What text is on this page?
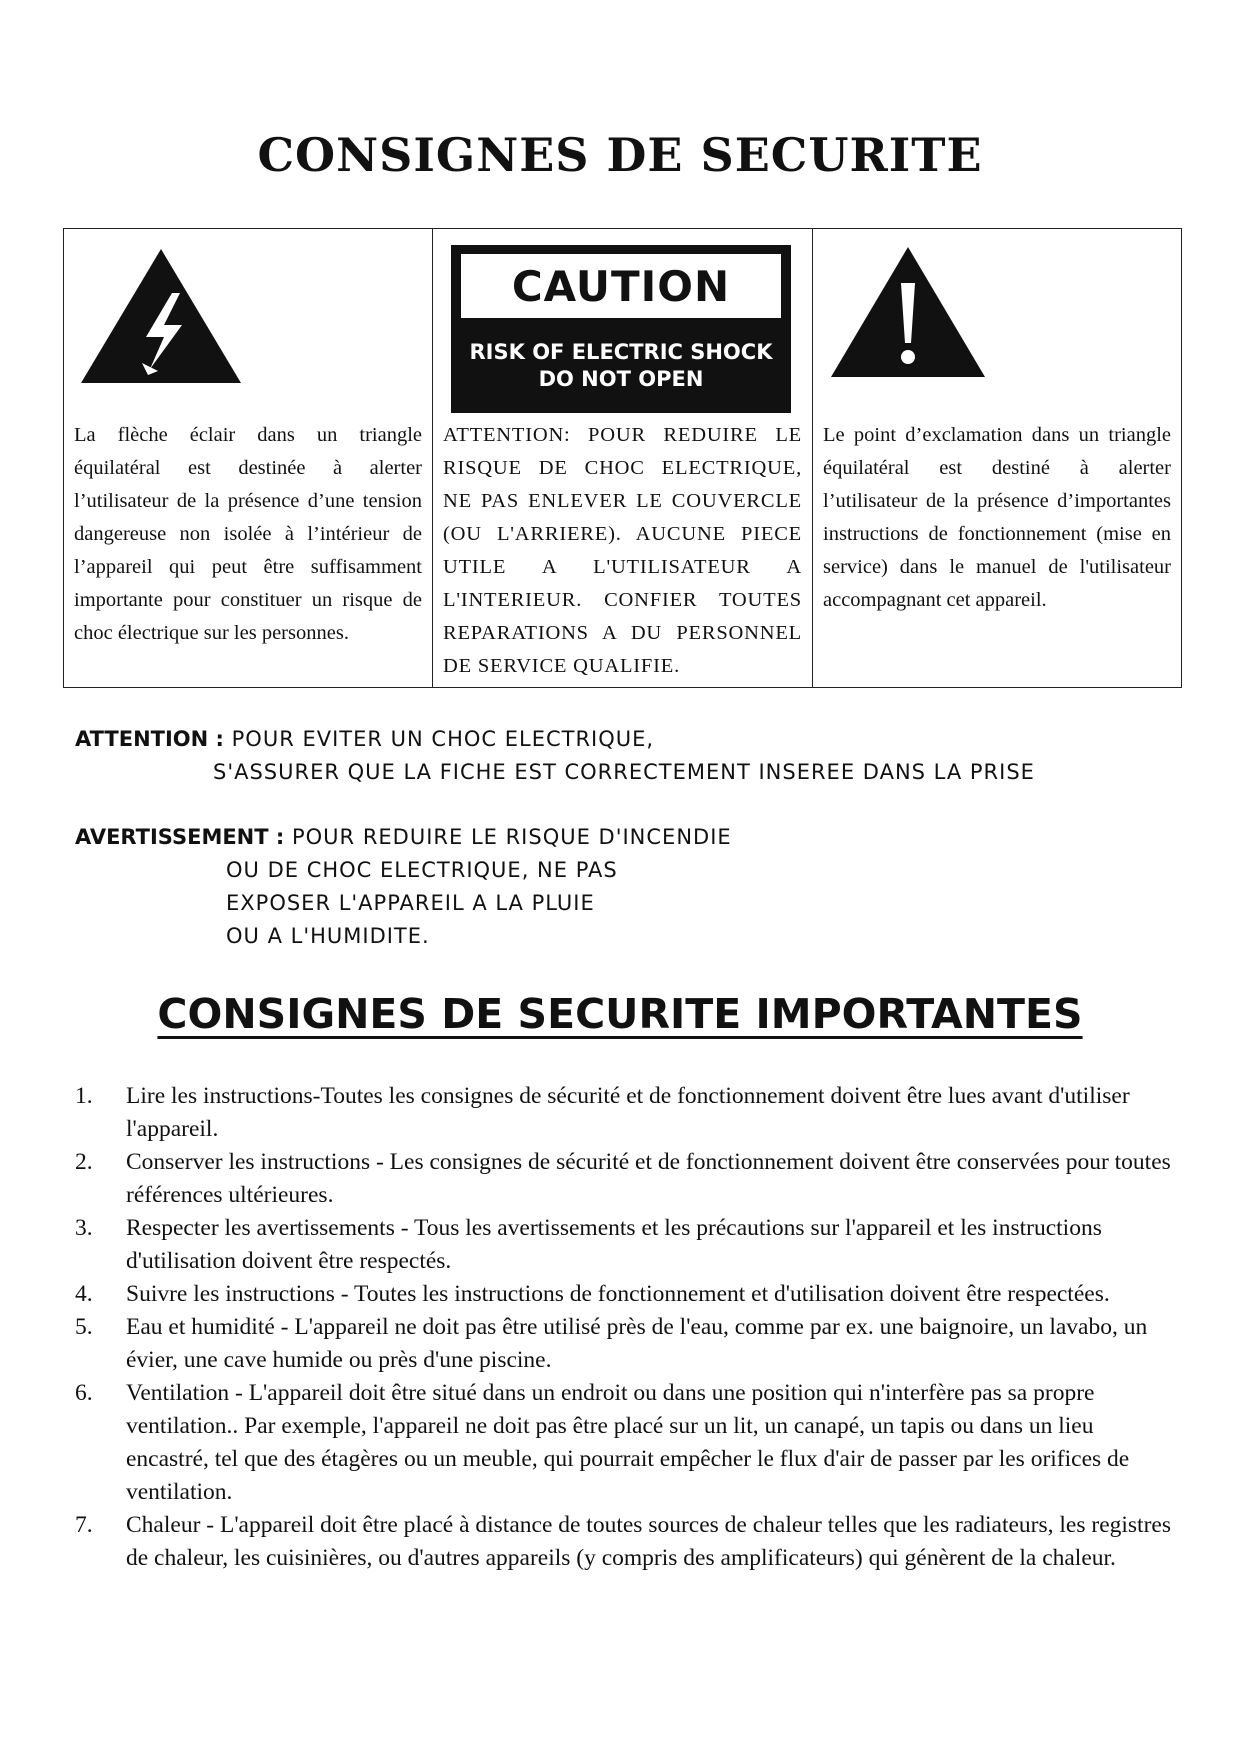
CONSIGNES DE SECURITE
La flèche éclair dans un triangle équilatéral est destinée à alerter l’utilisateur de la présence d’une tension dangereuse non isolée à l’intérieur de l’appareil qui peut être suffisamment importante pour constituer un risque de choc électrique sur les personnes.

CAUTION
RISK OF ELECTRIC SHOCK
DO NOT OPEN
ATTENTION: POUR REDUIRE LE RISQUE DE CHOC ELECTRIQUE, NE PAS ENLEVER LE COUVERCLE (OU L'ARRIERE). AUCUNE PIECE UTILE A L'UTILISATEUR A L'INTERIEUR. CONFIER TOUTES REPARATIONS A DU PERSONNEL DE SERVICE QUALIFIE.

Le point d’exclamation dans un triangle équilatéral est destiné à alerter l’utilisateur de la présence d’importantes instructions de fonctionnement (mise en service) dans le manuel de l'utilisateur accompagnant cet appareil.
ATTENTION : POUR EVITER UN CHOC ELECTRIQUE,
S'ASSURER QUE LA FICHE EST CORRECTEMENT INSEREE DANS LA PRISE
AVERTISSEMENT : POUR REDUIRE LE RISQUE D'INCENDIE
OU DE CHOC ELECTRIQUE, NE PAS
EXPOSER L'APPAREIL A LA PLUIE
OU A L'HUMIDITE.
CONSIGNES DE SECURITE IMPORTANTES
1. Lire les instructions-Toutes les consignes de sécurité et de fonctionnement doivent être lues avant d'utiliser l'appareil.
2. Conserver les instructions - Les consignes de sécurité et de fonctionnement doivent être conservées pour toutes références ultérieures.
3. Respecter les avertissements - Tous les avertissements et les précautions sur l'appareil et les instructions d'utilisation doivent être respectés.
4. Suivre les instructions - Toutes les instructions de fonctionnement et d'utilisation doivent être respectées.
5. Eau et humidité - L'appareil ne doit pas être utilisé près de l'eau, comme par ex. une baignoire, un lavabo, un évier, une cave humide ou près d'une piscine.
6. Ventilation - L'appareil doit être situé dans un endroit ou dans une position qui n'interfère pas sa propre ventilation.. Par exemple, l'appareil ne doit pas être placé sur un lit, un canapé, un tapis ou dans un lieu encastré, tel que des étagères ou un meuble, qui pourrait empêcher le flux d'air de passer par les orifices de ventilation.
7. Chaleur - L'appareil doit être placé à distance de toutes sources de chaleur telles que les radiateurs, les registres de chaleur, les cuisinières, ou d'autres appareils (y compris des amplificateurs) qui génèrent de la chaleur.
